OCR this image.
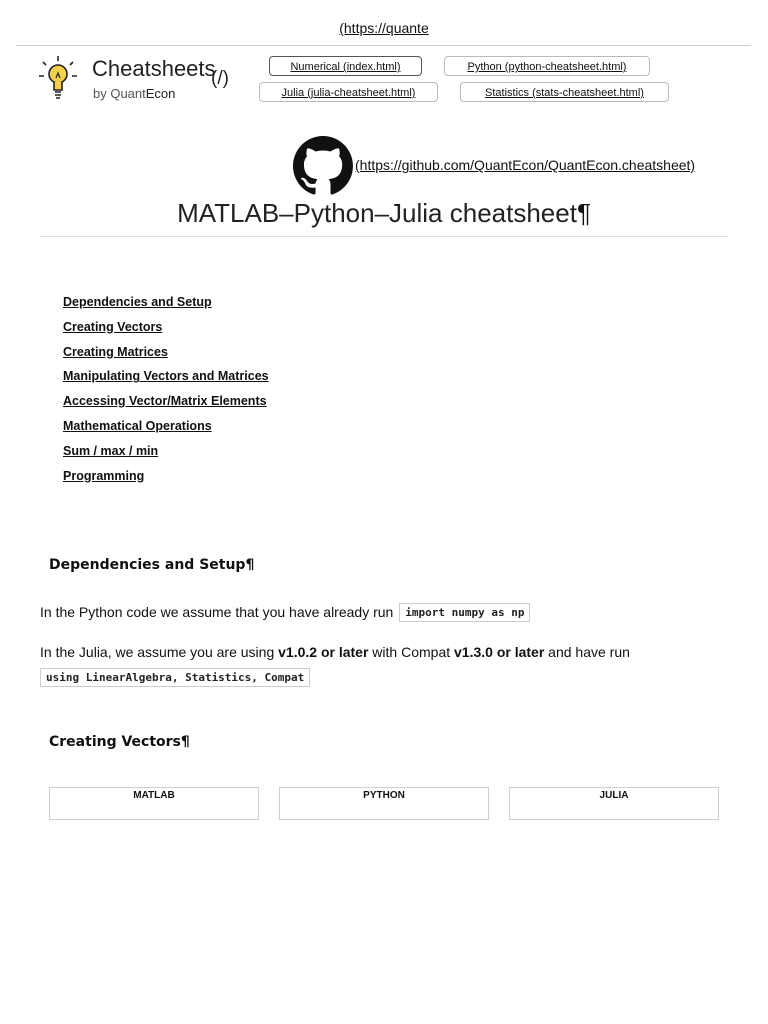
(https://quante
Cheatsheets
(/)
by QuantEcon
Numerical (index.html)	Python (python-cheatsheet.html)
Julia (julia-cheatsheet.html)	Statistics (stats-cheatsheet.html)
(https://github.com/QuantEcon/QuantEcon.cheatsheet)
MATLAB–Python–Julia cheatsheet¶
Dependencies and Setup
Creating Vectors
Creating Matrices
Manipulating Vectors and Matrices
Accessing Vector/Matrix Elements
Mathematical Operations
Sum / max / min
Programming
Dependencies and Setup¶
In the Python code we assume that you have already run import numpy as np
In the Julia, we assume you are using v1.0.2 or later with Compat v1.3.0 or later and have run
using LinearAlgebra, Statistics, Compat
Creating Vectors¶
MATLAB	PYTHON	JULIA
